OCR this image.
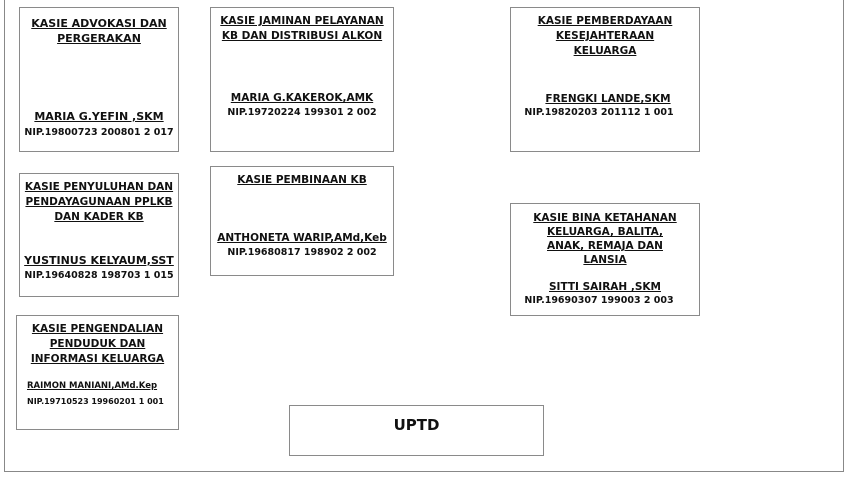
KASIE ADVOKASI DAN PERGERAKAN
MARIA G.YEFIN ,SKM
NIP.19800723 200801 2 017
KASIE JAMINAN PELAYANAN KB DAN DISTRIBUSI ALKON
MARIA G.KAKEROK,AMK
NIP.19720224 199301 2 002
KASIE PEMBERDAYAAN KESEJAHTERAAN KELUARGA
FRENGKI LANDE,SKM
NIP.19820203 201112 1 001
KASIE PENYULUHAN DAN PENDAYAGUNAAN PPLKB DAN KADER KB
YUSTINUS KELYAUM,SST
NIP.19640828 198703 1 015
KASIE PEMBINAAN KB
ANTHONETA WARIP,AMd,Keb
NIP.19680817 198902 2 002
KASIE BINA KETAHANAN KELUARGA, BALITA, ANAK, REMAJA DAN LANSIA
SITTI SAIRAH ,SKM
NIP.19690307 199003 2 003
KASIE PENGENDALIAN PENDUDUK DAN INFORMASI KELUARGA
RAIMON MANIANI,AMd.Kep
NIP.19710523 19960201 1 001
UPTD
